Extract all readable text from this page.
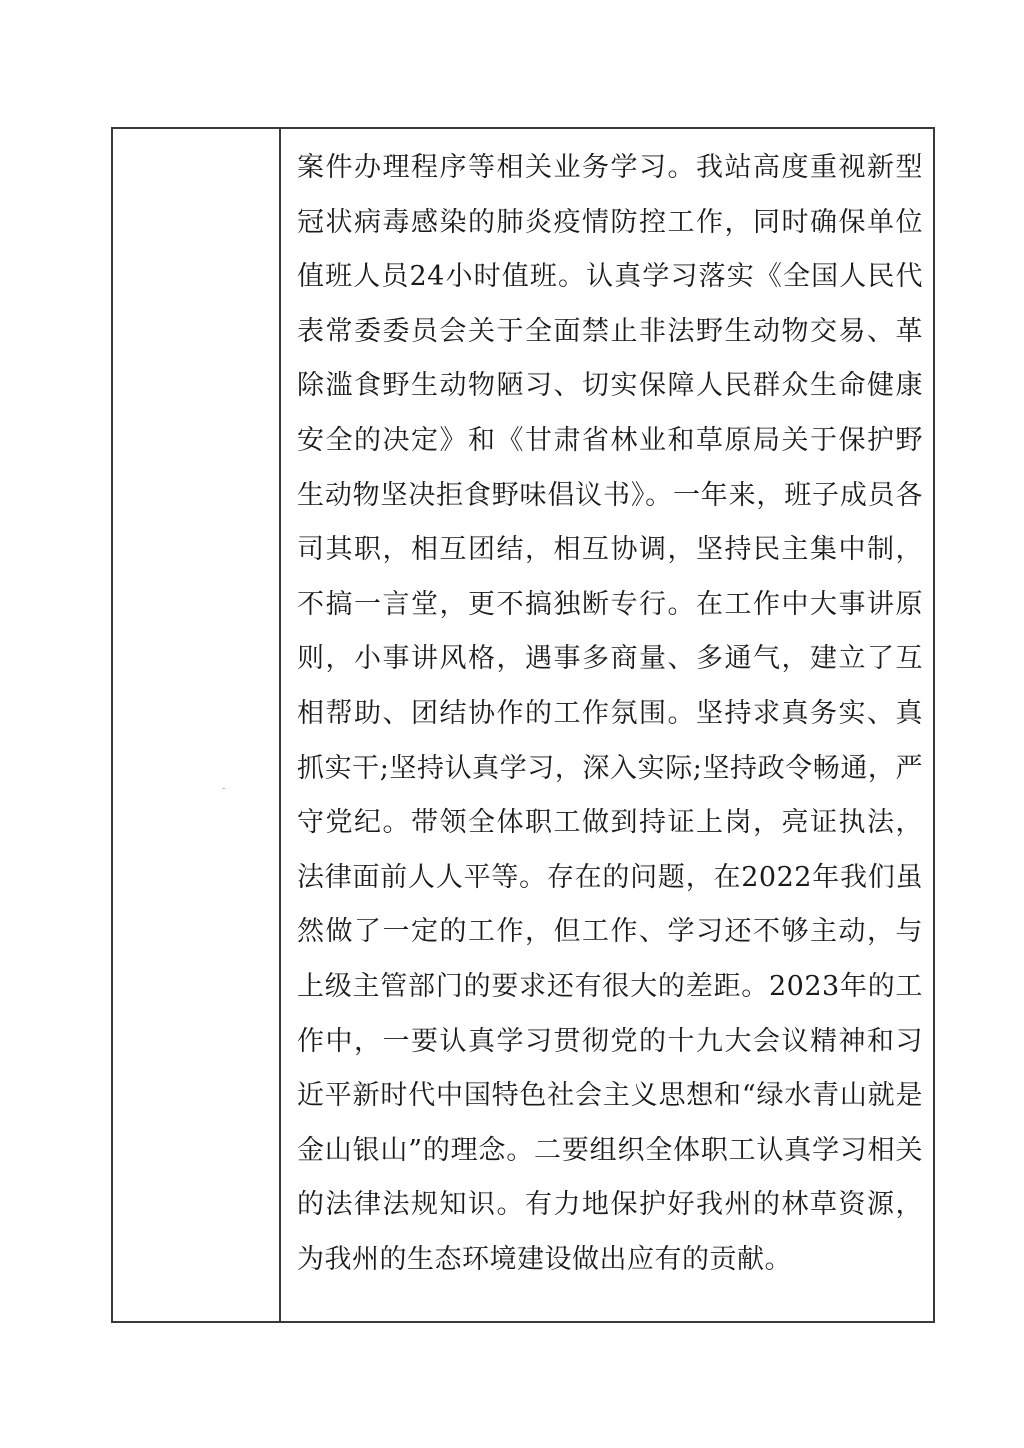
案件办理程序等相关业务学习。我站高度重视新型冠状病毒感染的肺炎疫情防控工作，同时确保单位值班人员24小时值班。认真学习落实《全国人民代表常委委员会关于全面禁止非法野生动物交易、革除滥食野生动物陋习、切实保障人民群众生命健康安全的决定》和《甘肃省林业和草原局关于保护野生动物坚决拒食野味倡议书》。一年来，班子成员各司其职，相互团结，相互协调，坚持民主集中制，不搞一言堂，更不搞独断专行。在工作中大事讲原则，小事讲风格，遇事多商量、多通气，建立了互相帮助、团结协作的工作氛围。坚持求真务实、真抓实干;坚持认真学习，深入实际;坚持政令畅通，严守党纪。带领全体职工做到持证上岗，亮证执法，法律面前人人平等。存在的问题，在2022年我们虽然做了一定的工作，但工作、学习还不够主动，与上级主管部门的要求还有很大的差距。2023年的工作中，一要认真学习贯彻党的十九大会议精神和习近平新时代中国特色社会主义思想和“绿水青山就是金山银山”的理念。二要组织全体职工认真学习相关的法律法规知识。有力地保护好我州的林草资源，为我州的生态环境建设做出应有的贡献。
